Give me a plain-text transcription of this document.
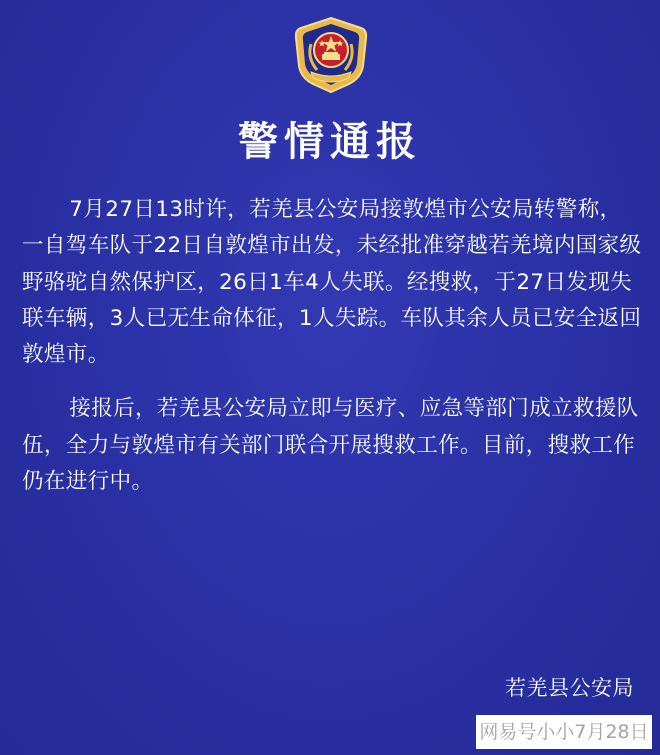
警情通报

7月27日13时许，若羌县公安局接敦煌市公安局转警称，一自驾车队于22日自敦煌市出发，未经批准穿越若羌境内国家级野骆驼自然保护区，26日1车4人失联。经搜救，于27日发现失联车辆，3人已无生命体征，1人失踪。车队其余人员已安全返回敦煌市。

接报后，若羌县公安局立即与医疗、应急等部门成立救援队伍，全力与敦煌市有关部门联合开展搜救工作。目前，搜救工作仍在进行中。

若羌县公安局
网易号小小7月28日
